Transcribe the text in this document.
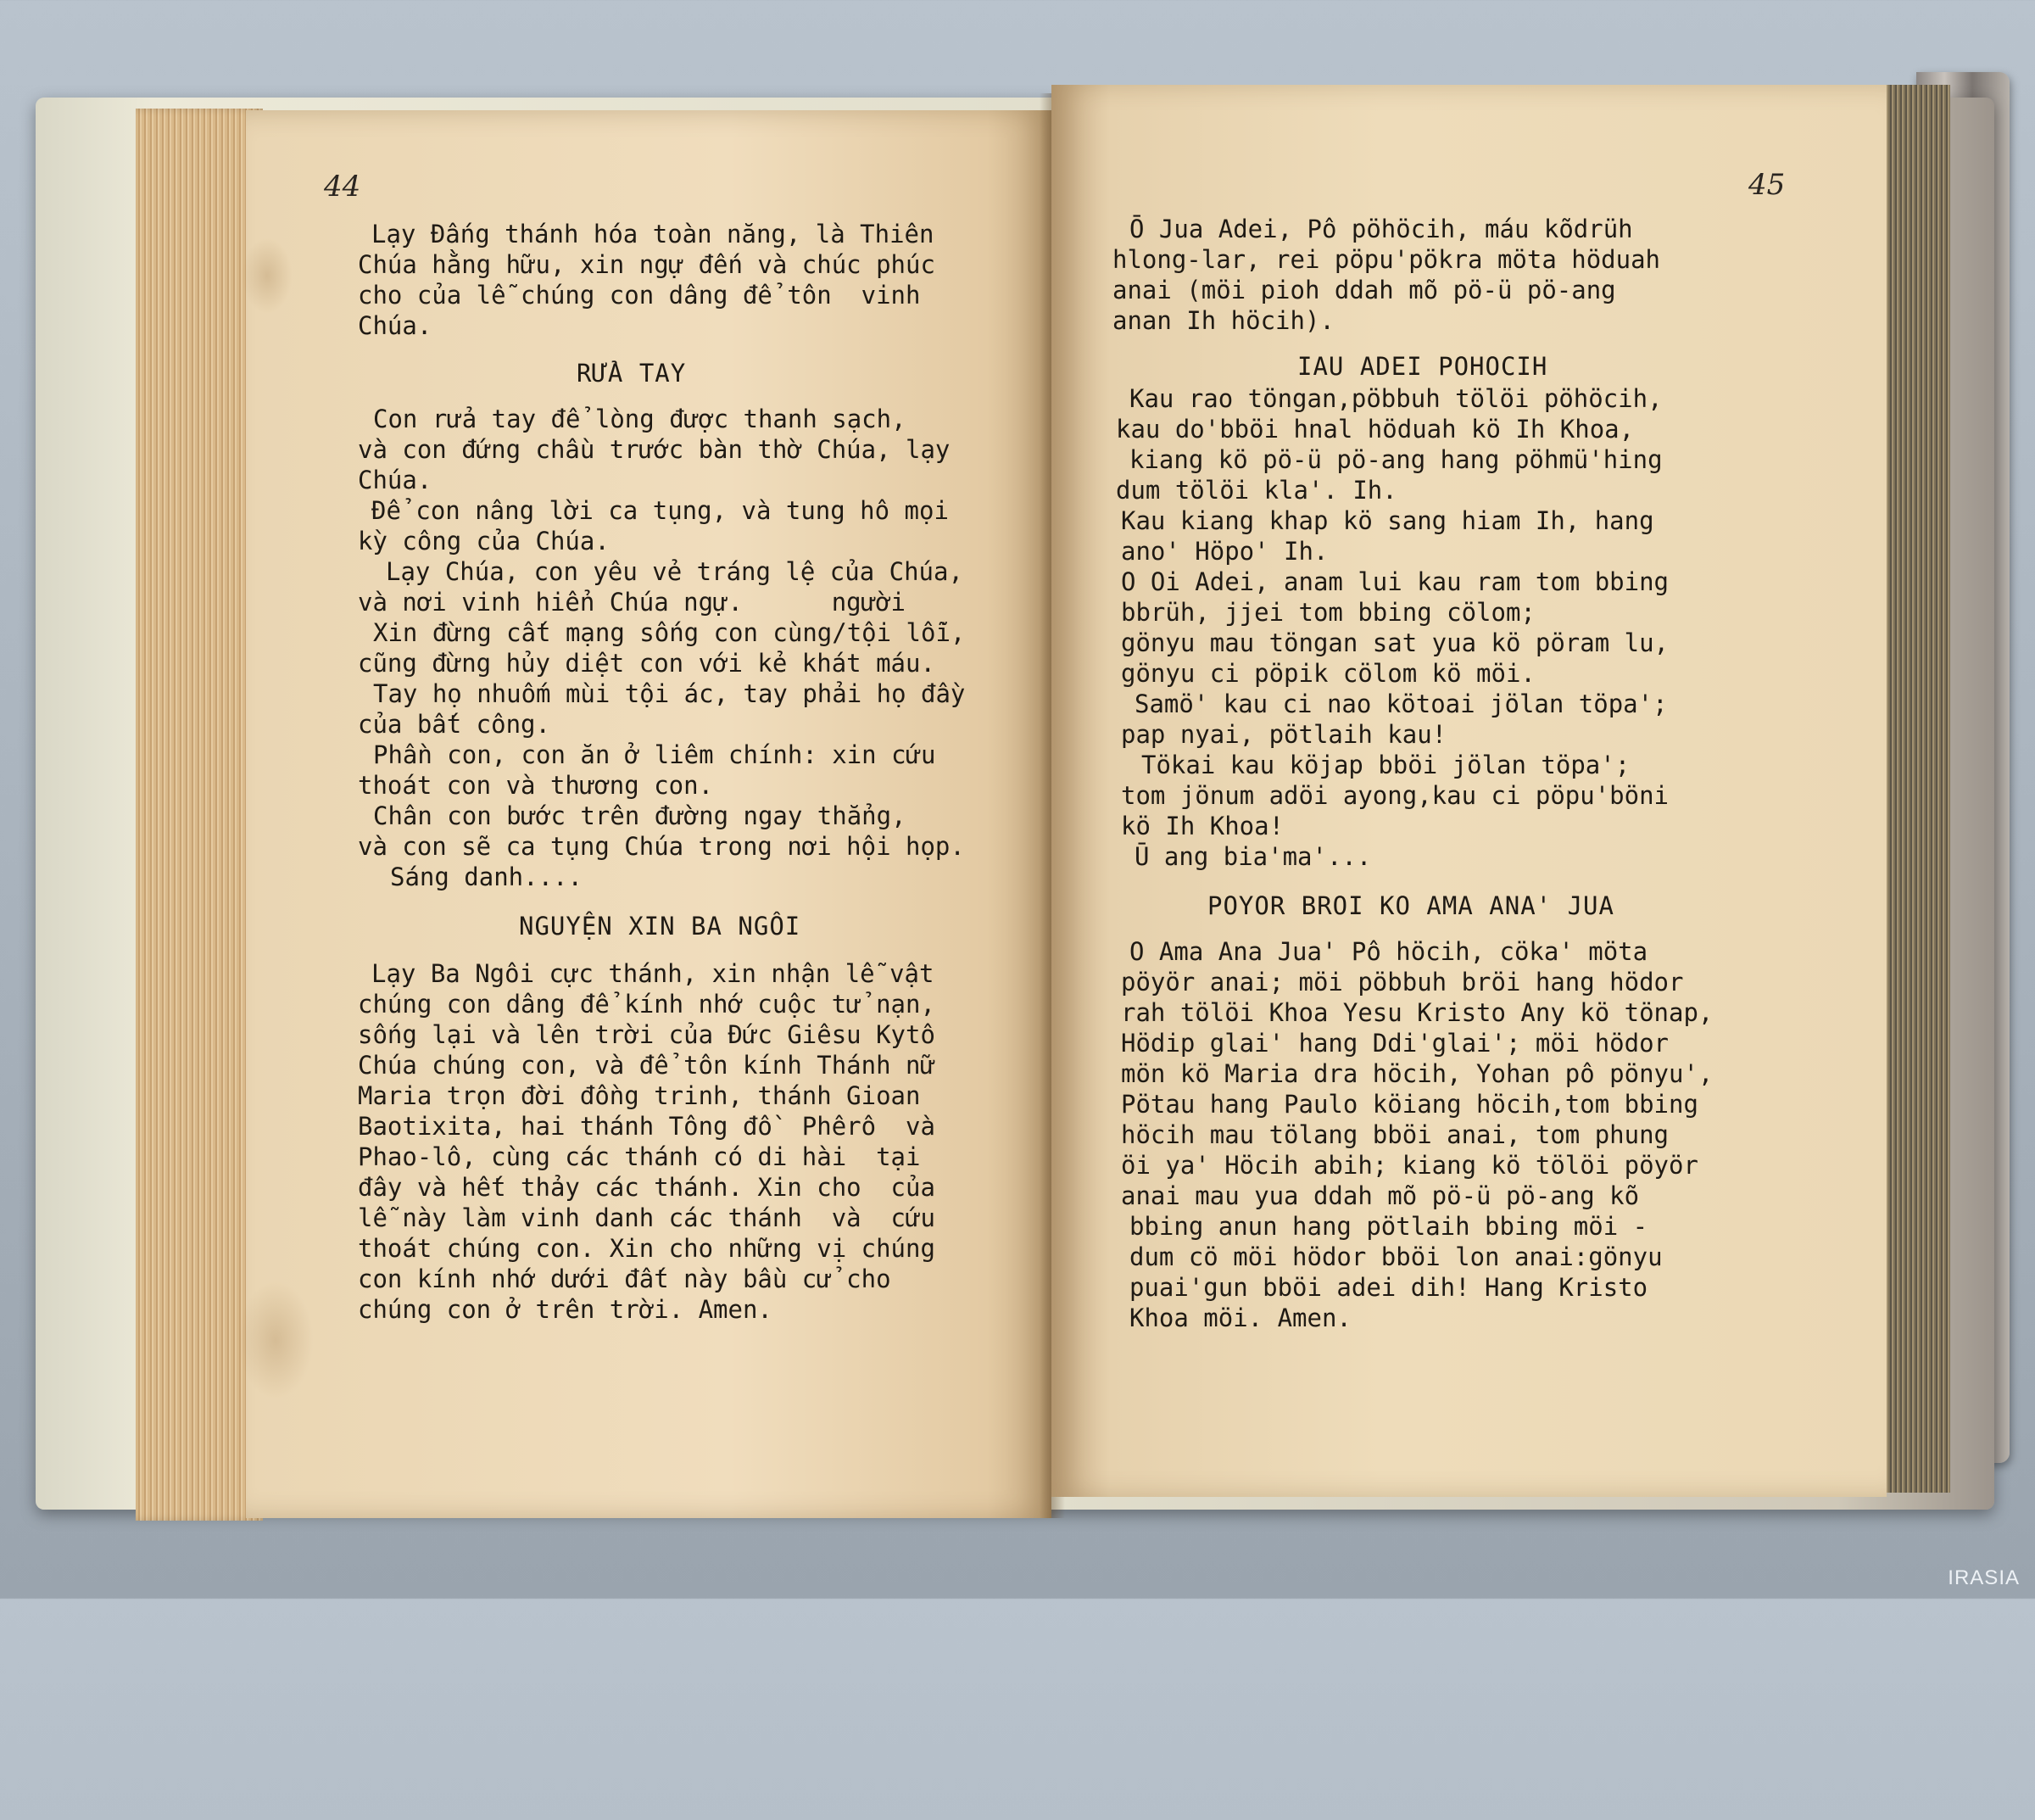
44

Lạy Đấng thánh hóa toàn năng, là Thiên

Chúa hằng hữu, xin ngự đến và chúc phúc

cho của lễ chúng con dâng để tôn  vinh

Chúa.

RỬA TAY

Con rửa tay để lòng được thanh sạch,

và con đứng chầu trước bàn thờ Chúa, lạy

Chúa.

Để con nâng lời ca tụng, và tung hô mọi

kỳ công của Chúa.

Lạy Chúa, con yêu vẻ tráng lệ của Chúa,

và nơi vinh hiển Chúa ngự.      người

Xin đừng cất mạng sống con cùng/tội lỗi,

cũng đừng hủy diệt con với kẻ khát máu.

Tay họ nhuốm mùi tội ác, tay phải họ đầy

của bất công.

Phần con, con ăn ở liêm chính: xin cứu

thoát con và thương con.

Chân con bước trên đường ngay thẳng,

và con sẽ ca tụng Chúa trong nơi hội họp.

Sáng danh....

NGUYỆN XIN BA NGÔI

Lạy Ba Ngôi cực thánh, xin nhận lễ vật

chúng con dâng để kính nhớ cuộc tử nạn,

sống lại và lên trời của Đức Giêsu Kytô

Chúa chúng con, và để tôn kính Thánh nữ

Maria trọn đời đồng trinh, thánh Gioan

Baotixita, hai thánh Tông đồ  Phêrô  và

Phao-lô, cùng các thánh có di hài  tại

đây và hết thảy các thánh. Xin cho  của

lễ này làm vinh danh các thánh  và  cứu

thoát chúng con. Xin cho những vị chúng

con kính nhớ dưới đất này bầu cử cho

chúng con ở trên trời. Amen.

45

Ō Jua Adei, Pô pöhöcih, máu kõdrüh

hlong-lar, rei pöpu'pökra möta höduah

anai (möi pioh ddah mõ pö-ü pö-ang

anan Ih höcih).

IAU ADEI POHOCIH

Kau rao töngan,pöbbuh tölöi pöhöcih,

kau do'bböi hnal höduah kö Ih Khoa,

kiang kö pö-ü pö-ang hang pöhmü'hing

dum tölöi kla'. Ih.

Kau kiang khap kö sang hiam Ih, hang

ano' Höpo' Ih.

O Oi Adei, anam lui kau ram tom bbing

bbrüh, jjei tom bbing cölom;

gönyu mau töngan sat yua kö pöram lu,

gönyu ci pöpik cölom kö möi.

Samö' kau ci nao kötoai jölan töpa';

pap nyai, pötlaih kau!

Tökai kau köjap bböi jölan töpa';

tom jönum adöi ayong,kau ci pöpu'böni

kö Ih Khoa!

Ū ang bia'ma'...

POYOR BROI KO AMA ANA' JUA

O Ama Ana Jua' Pô höcih, cöka' möta

pöyör anai; möi pöbbuh bröi hang hödor

rah tölöi Khoa Yesu Kristo Any kö tönap,

Hödip glai' hang Ddi'glai'; möi hödor

mön kö Maria dra höcih, Yohan pô pönyu',

Pötau hang Paulo köiang höcih,tom bbing

höcih mau tölang bböi anai, tom phung

öi ya' Höcih abih; kiang kö tölöi pöyör

anai mau yua ddah mõ pö-ü pö-ang kõ

bbing anun hang pötlaih bbing möi -

dum cö möi hödor bböi lon anai:gönyu

puai'gun bböi adei dih! Hang Kristo

Khoa möi. Amen.

IRASIA
